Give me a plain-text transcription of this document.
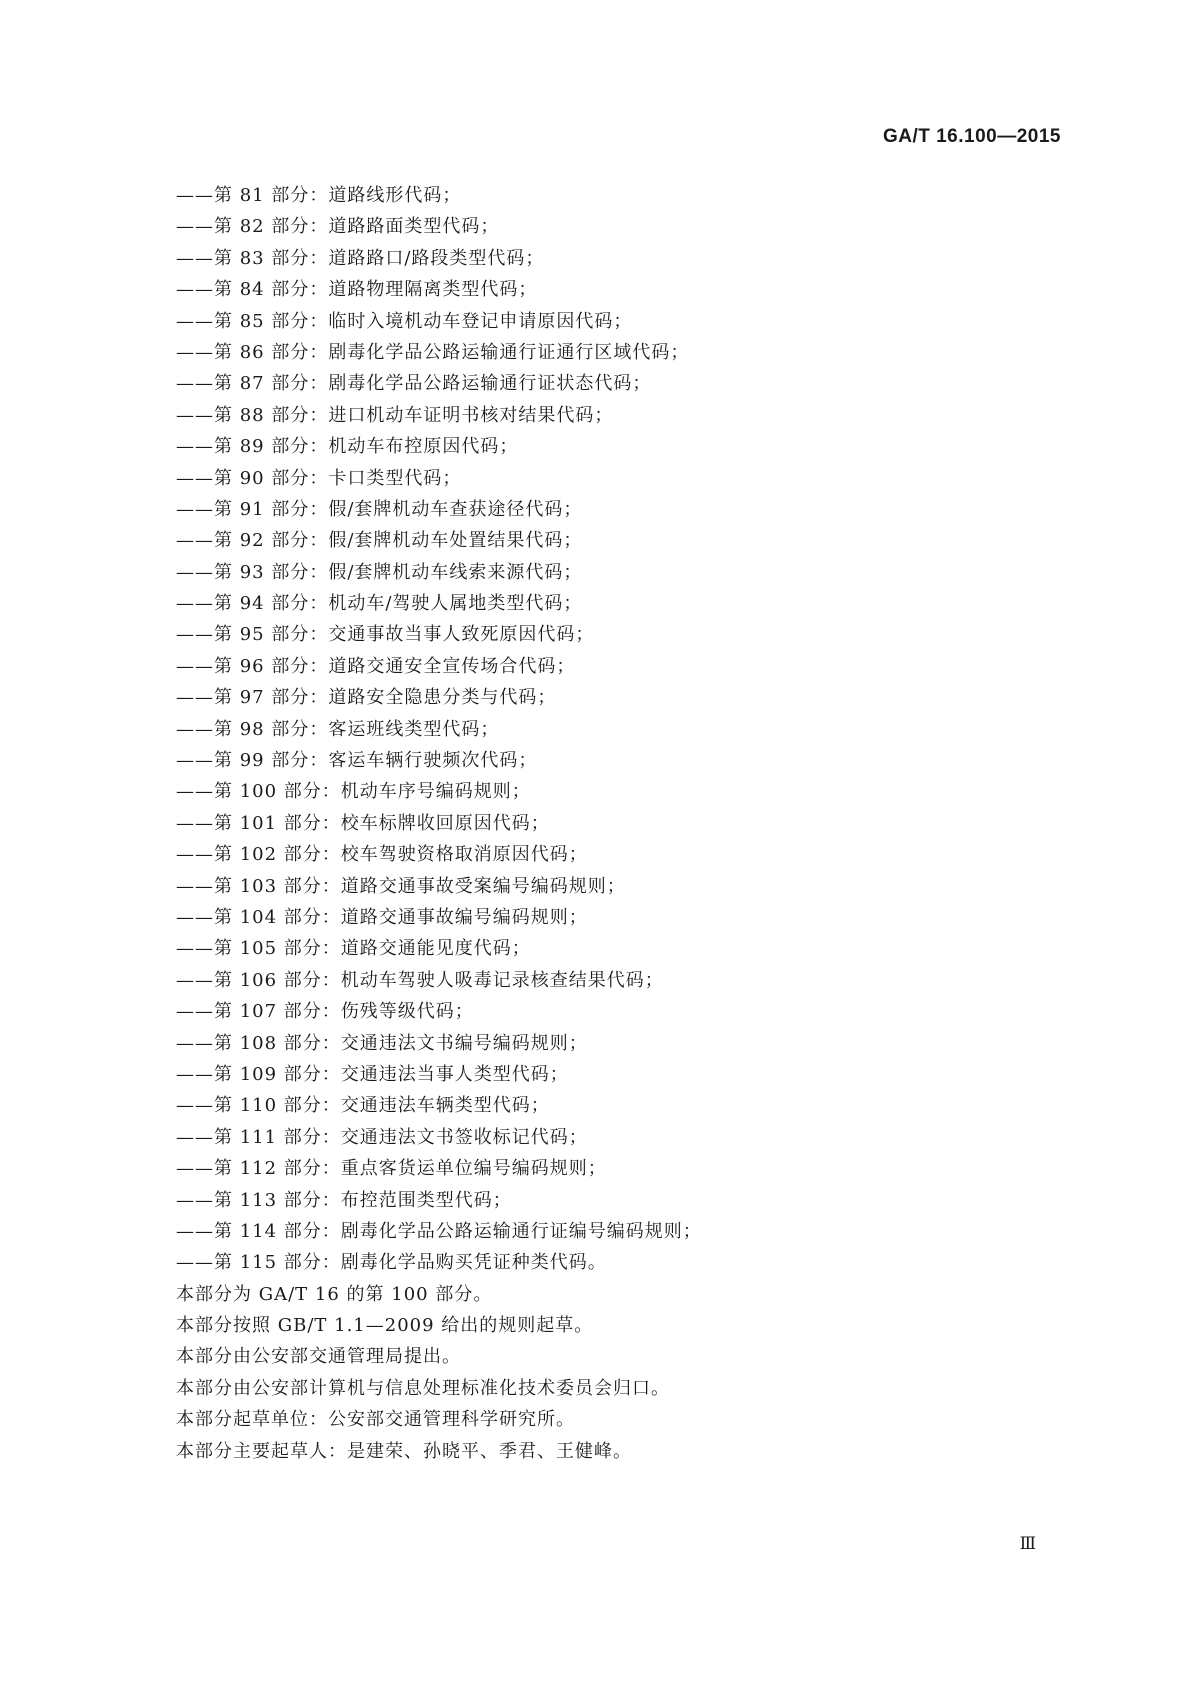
GA/T 16.100—2015
——第 81 部分：道路线形代码；
——第 82 部分：道路路面类型代码；
——第 83 部分：道路路口/路段类型代码；
——第 84 部分：道路物理隔离类型代码；
——第 85 部分：临时入境机动车登记申请原因代码；
——第 86 部分：剧毒化学品公路运输通行证通行区域代码；
——第 87 部分：剧毒化学品公路运输通行证状态代码；
——第 88 部分：进口机动车证明书核对结果代码；
——第 89 部分：机动车布控原因代码；
——第 90 部分：卡口类型代码；
——第 91 部分：假/套牌机动车查获途径代码；
——第 92 部分：假/套牌机动车处置结果代码；
——第 93 部分：假/套牌机动车线索来源代码；
——第 94 部分：机动车/驾驶人属地类型代码；
——第 95 部分：交通事故当事人致死原因代码；
——第 96 部分：道路交通安全宣传场合代码；
——第 97 部分：道路安全隐患分类与代码；
——第 98 部分：客运班线类型代码；
——第 99 部分：客运车辆行驶频次代码；
——第 100 部分：机动车序号编码规则；
——第 101 部分：校车标牌收回原因代码；
——第 102 部分：校车驾驶资格取消原因代码；
——第 103 部分：道路交通事故受案编号编码规则；
——第 104 部分：道路交通事故编号编码规则；
——第 105 部分：道路交通能见度代码；
——第 106 部分：机动车驾驶人吸毒记录核查结果代码；
——第 107 部分：伤残等级代码；
——第 108 部分：交通违法文书编号编码规则；
——第 109 部分：交通违法当事人类型代码；
——第 110 部分：交通违法车辆类型代码；
——第 111 部分：交通违法文书签收标记代码；
——第 112 部分：重点客货运单位编号编码规则；
——第 113 部分：布控范围类型代码；
——第 114 部分：剧毒化学品公路运输通行证编号编码规则；
——第 115 部分：剧毒化学品购买凭证种类代码。
本部分为 GA/T 16 的第 100 部分。
本部分按照 GB/T 1.1—2009 给出的规则起草。
本部分由公安部交通管理局提出。
本部分由公安部计算机与信息处理标准化技术委员会归口。
本部分起草单位：公安部交通管理科学研究所。
本部分主要起草人：是建荣、孙晓平、季君、王健峰。
Ⅲ
